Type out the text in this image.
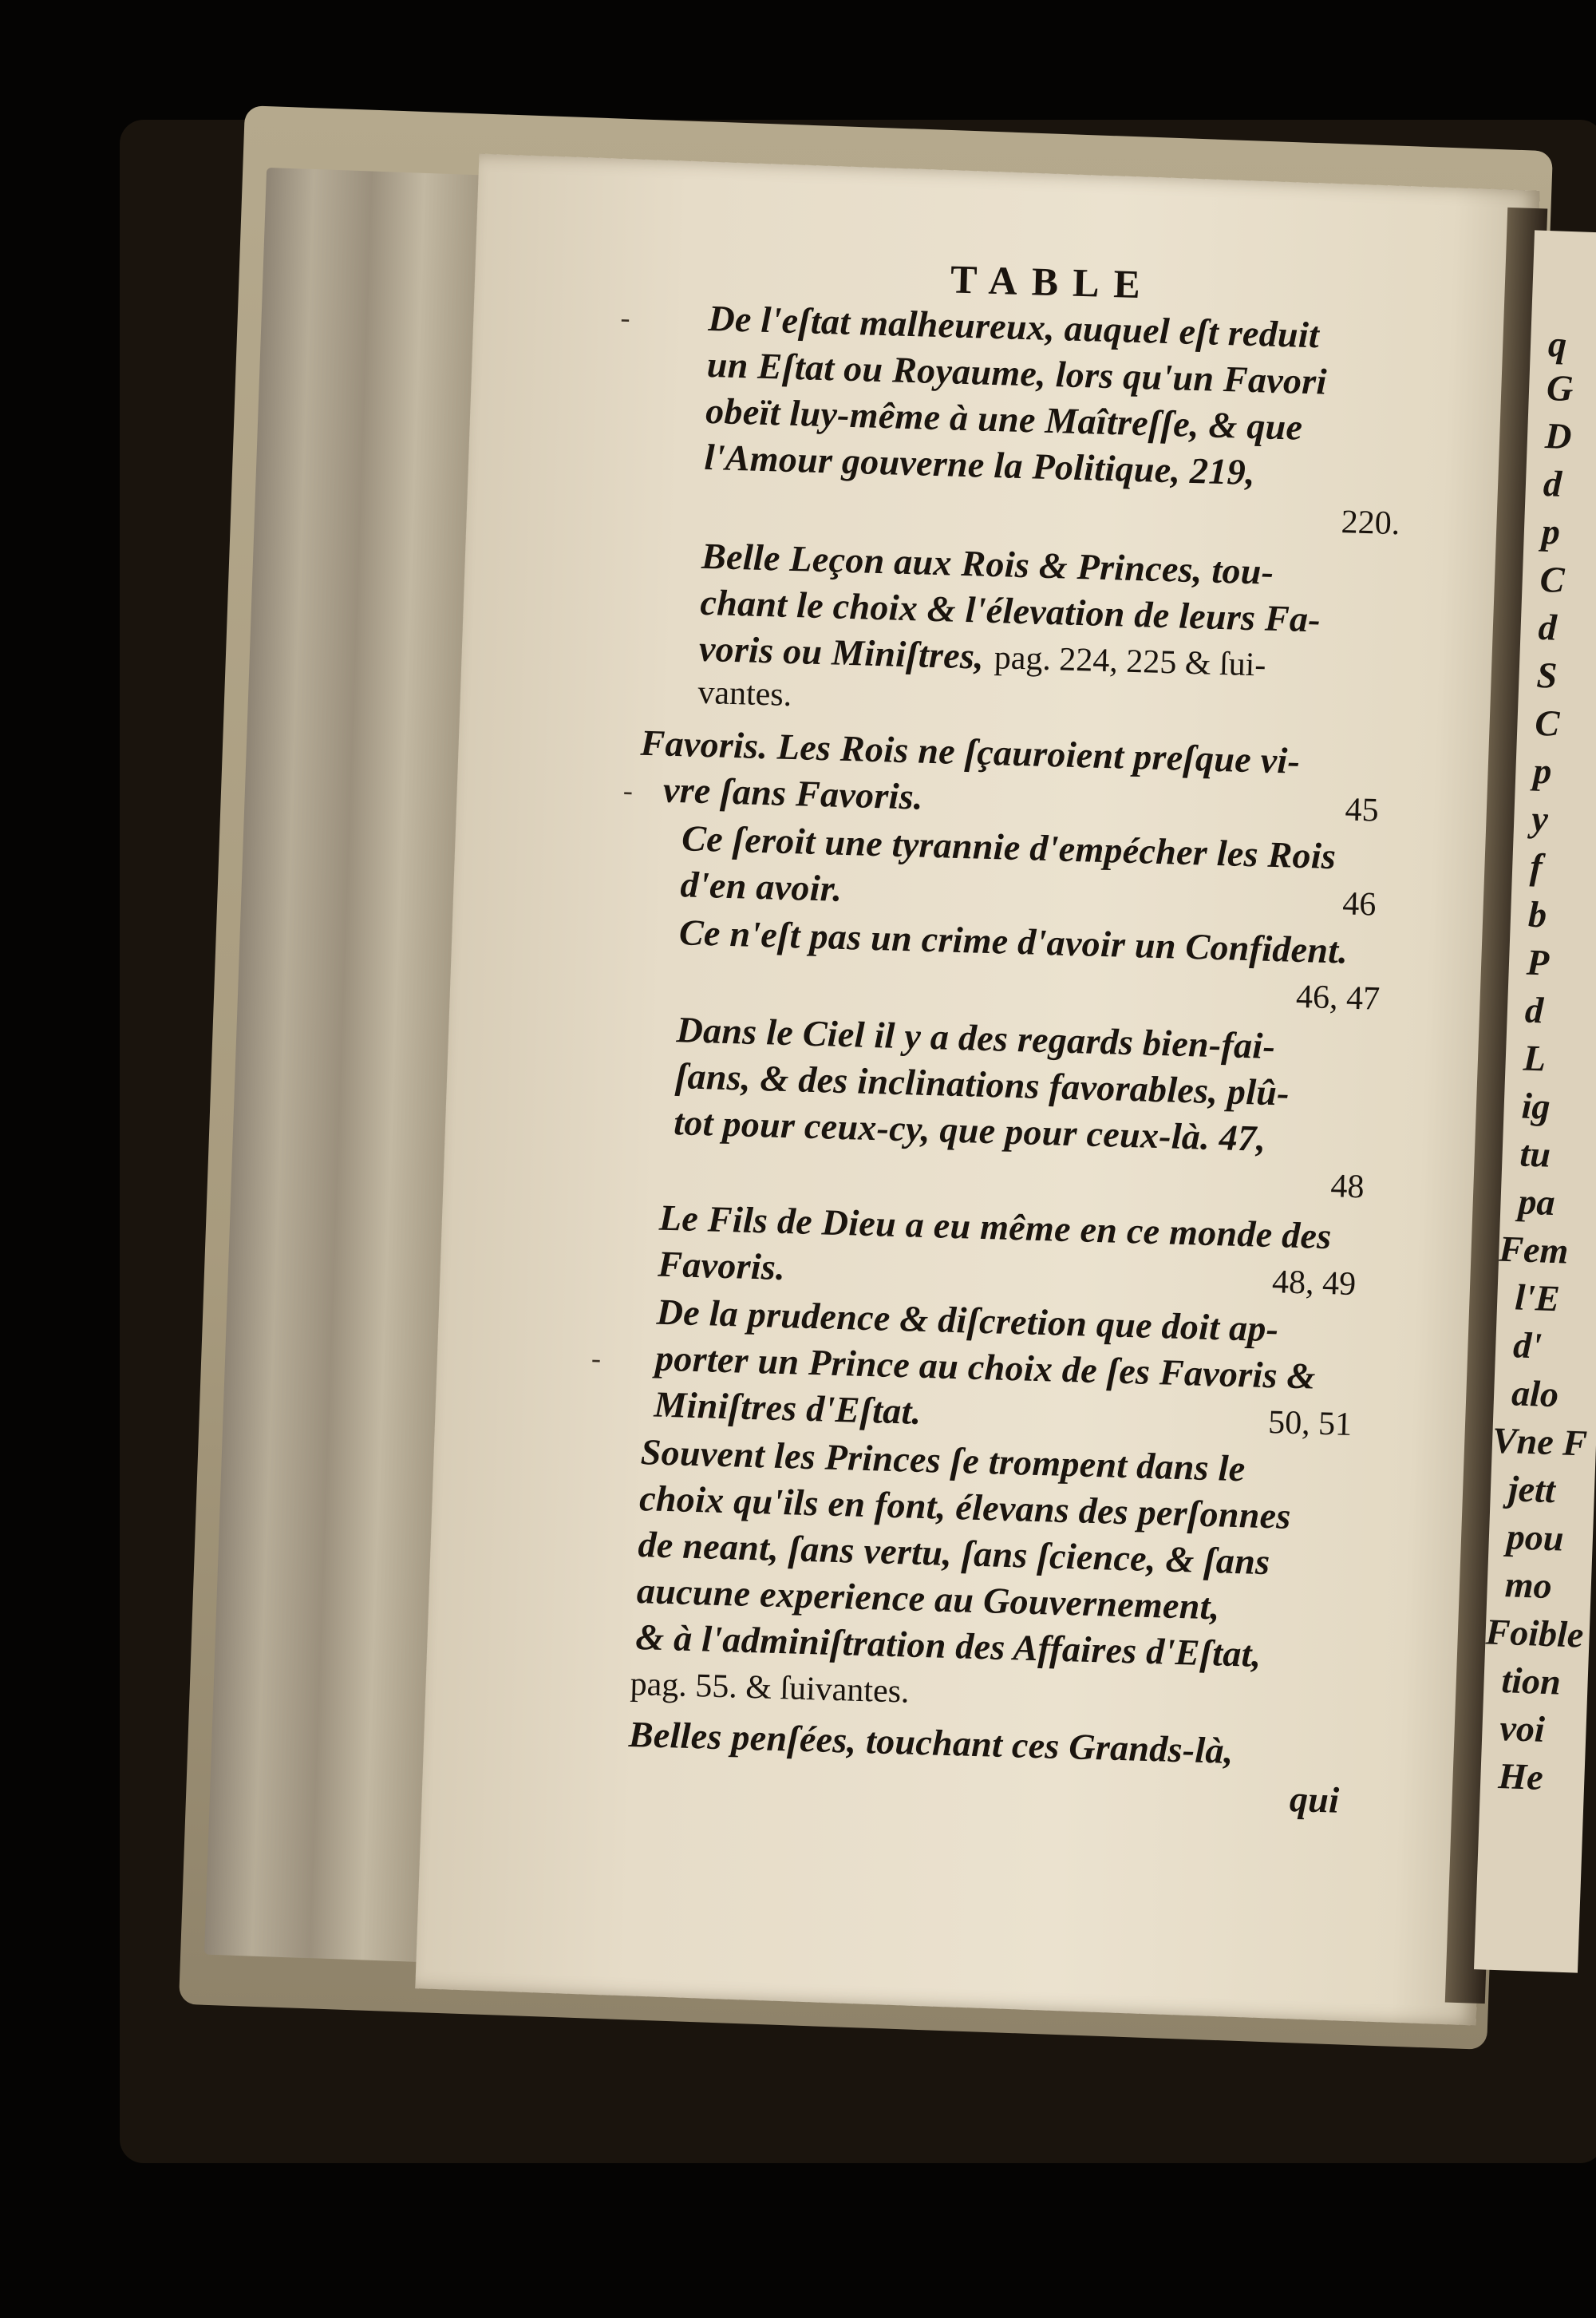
q
G
D
d
p
C
d
S
C
p
y
f
b
P
d
L
ig
tu
pa
Fem
l'E
d'
alo
Vne F
jett
pou
mo
Foible
tion
voi
He
TABLE
- De l'eſtat malheureux, auquel eſt reduit
un Eſtat ou Royaume, lors qu'un Favori
obeït luy-même à une Maîtreſſe, & que
l'Amour gouverne la Politique, 219,
220.
Belle Leçon aux Rois & Princes, tou-
chant le choix & l'élevation de leurs Fa-
voris ou Miniſtres, pag. 224, 225 & ſui-
vantes.
Favoris. Les Rois ne ſçauroient preſque vi-
- vre ſans Favoris.	45
Ce ſeroit une tyrannie d'empécher les Rois
d'en avoir.	46
Ce n'eſt pas un crime d'avoir un Confident.
46, 47
Dans le Ciel il y a des regards bien-fai-
ſans, & des inclinations favorables, plû-
tot pour ceux-cy, que pour ceux-là. 47,
48
Le Fils de Dieu a eu même en ce monde des
Favoris.	48, 49
De la prudence & diſcretion que doit ap-
- porter un Prince au choix de ſes Favoris &
Miniſtres d'Eſtat.	50, 51
Souvent les Princes ſe trompent dans le
choix qu'ils en font, élevans des perſonnes
de neant, ſans vertu, ſans ſcience, & ſans
aucune experience au Gouvernement,
& à l'adminiſtration des Affaires d'Eſtat,
pag. 55. & ſuivantes.
Belles penſées, touchant ces Grands-là,
qui
